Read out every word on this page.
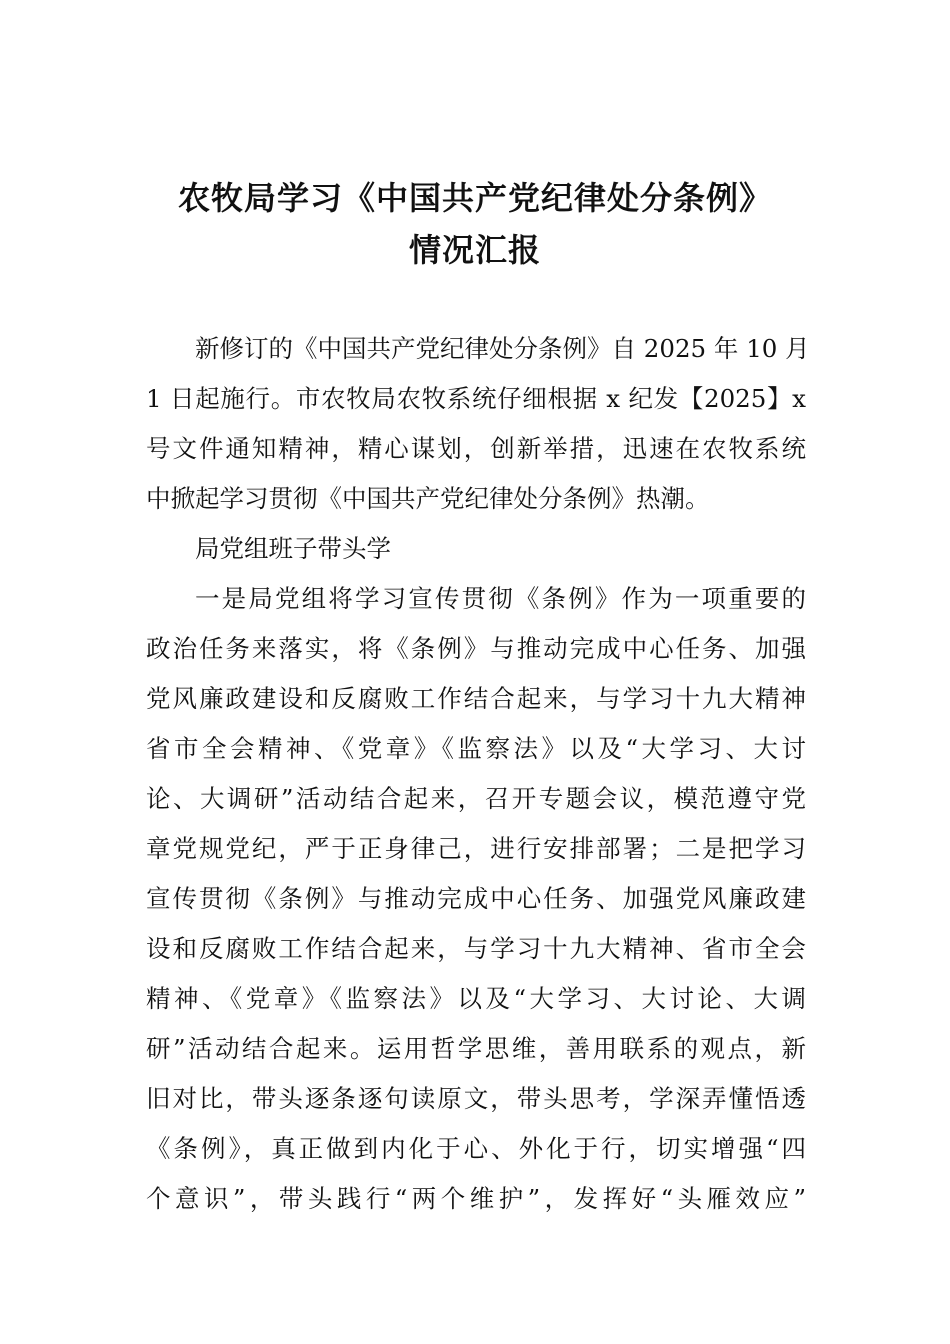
农牧局学习《中国共产党纪律处分条例》
情况汇报
新修订的《中国共产党纪律处分条例》自 2025 年 10 月
1 日起施行。市农牧局农牧系统仔细根据 x 纪发【2025】x
号文件通知精神，精心谋划，创新举措，迅速在农牧系统
中掀起学习贯彻《中国共产党纪律处分条例》热潮。
局党组班子带头学
一是局党组将学习宣传贯彻《条例》作为一项重要的
政治任务来落实，将《条例》与推动完成中心任务、加强
党风廉政建设和反腐败工作结合起来，与学习十九大精神
省市全会精神、《党章》《监察法》以及“大学习、大讨
论、大调研”活动结合起来，召开专题会议，模范遵守党
章党规党纪，严于正身律己，进行安排部署；二是把学习
宣传贯彻《条例》与推动完成中心任务、加强党风廉政建
设和反腐败工作结合起来，与学习十九大精神、省市全会
精神、《党章》《监察法》以及“大学习、大讨论、大调
研”活动结合起来。运用哲学思维，善用联系的观点，新
旧对比，带头逐条逐句读原文，带头思考，学深弄懂悟透
《条例》，真正做到内化于心、外化于行，切实增强“四
个意识”，带头践行“两个维护”，发挥好“头雁效应”
